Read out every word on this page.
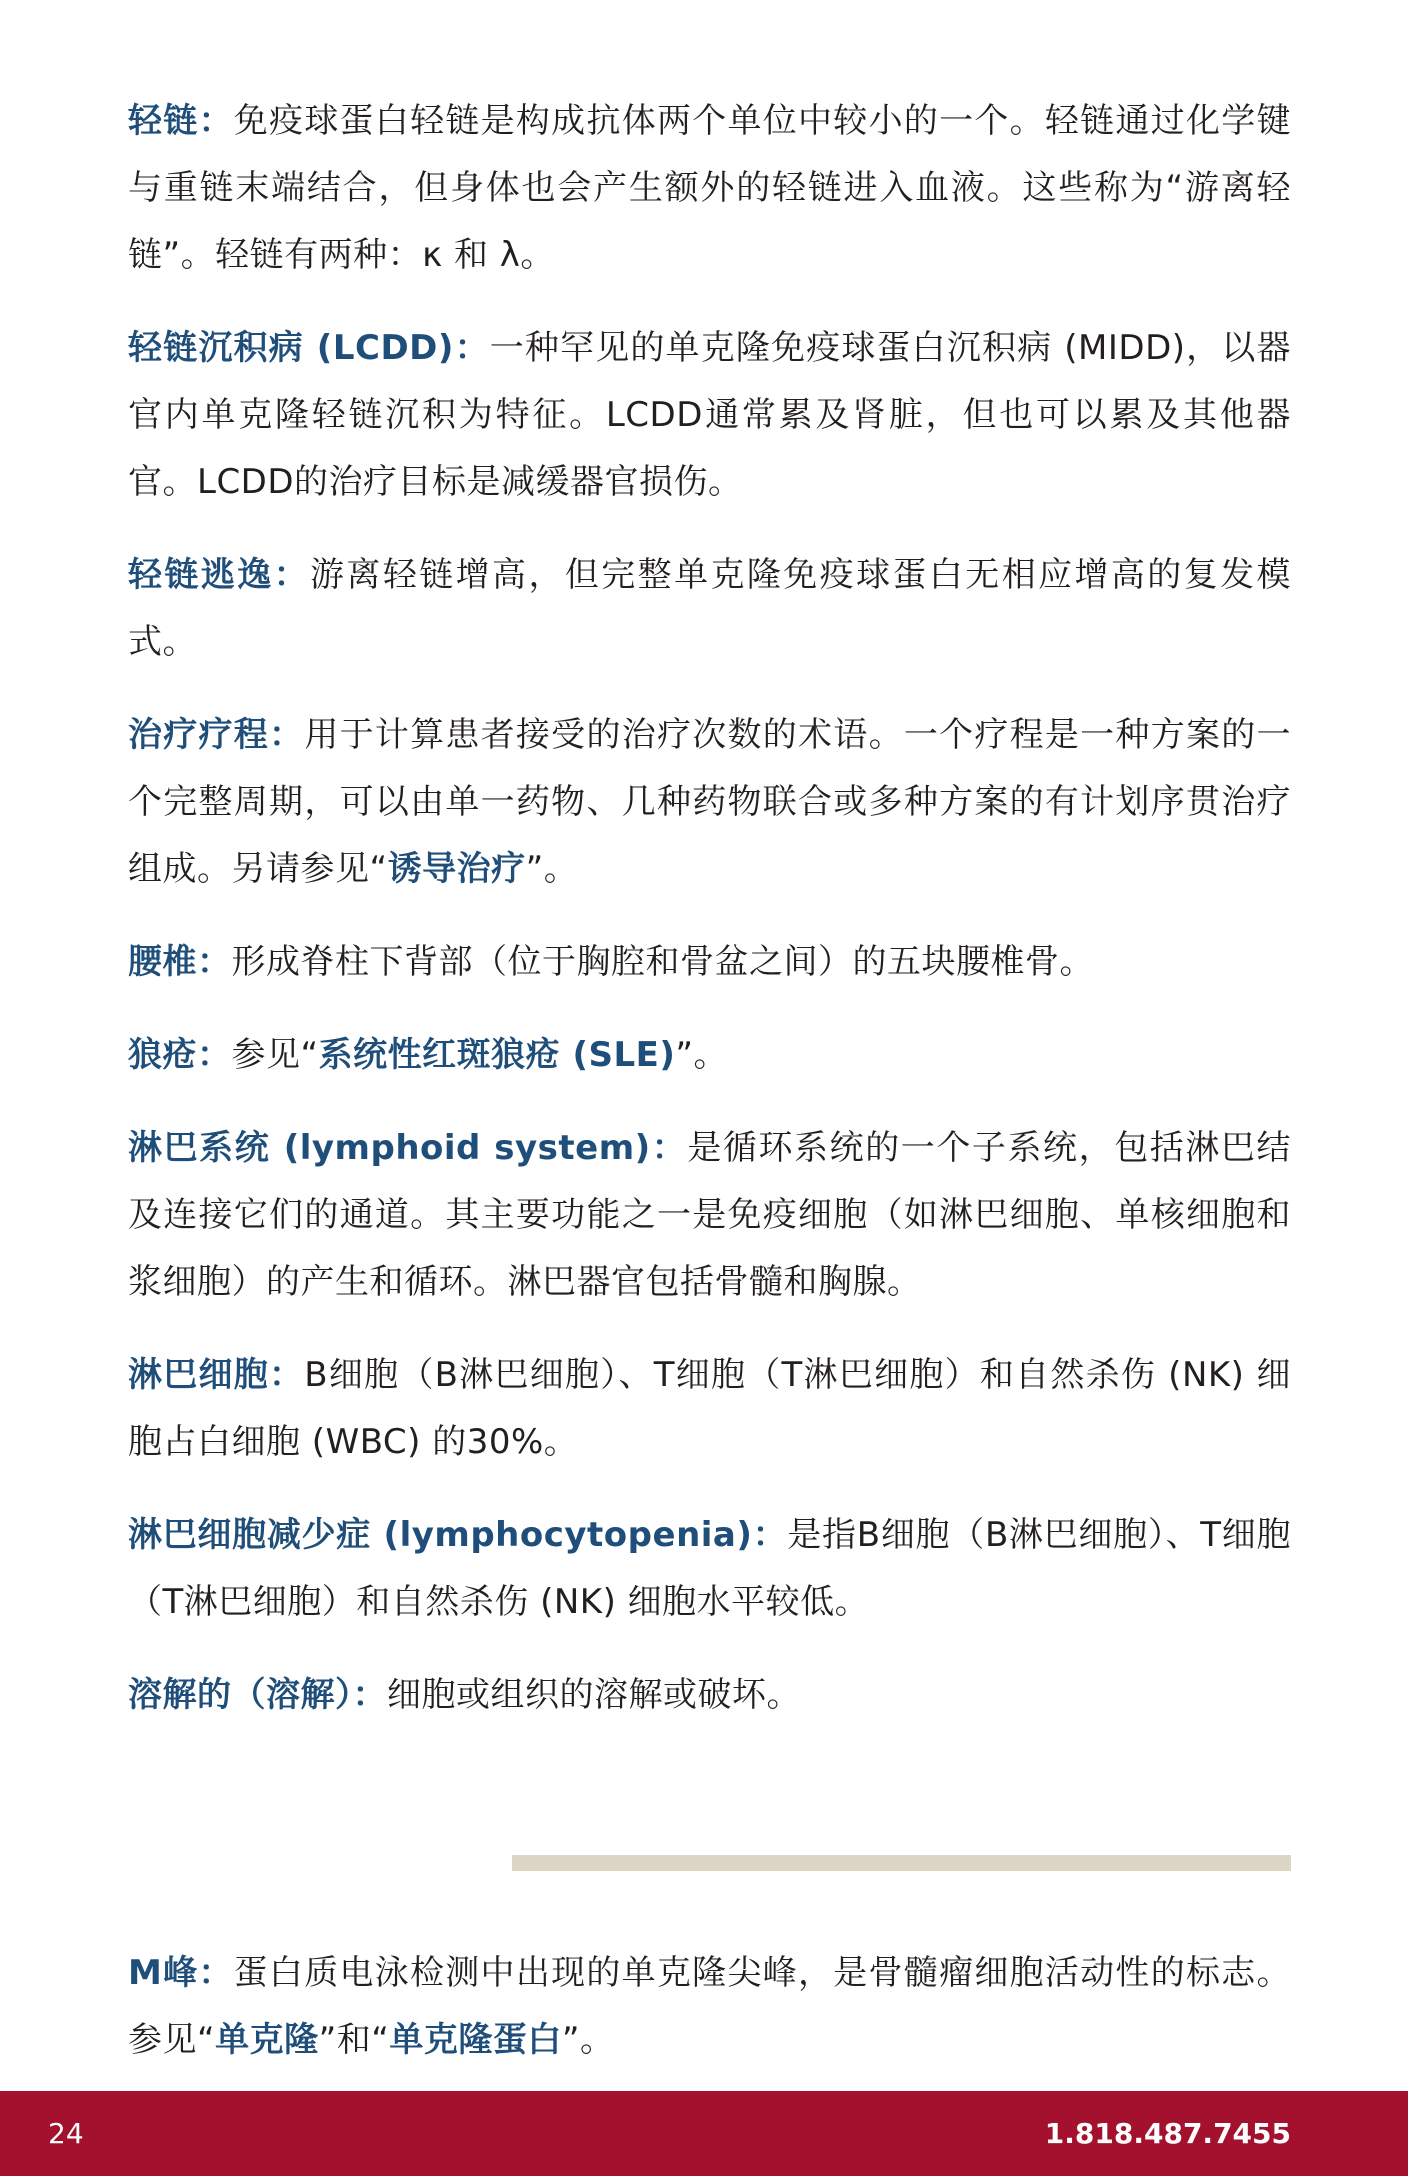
轻链：免疫球蛋白轻链是构成抗体两个单位中较小的一个。轻链通过化学键与重链末端结合，但身体也会产生额外的轻链进入血液。这些称为“游离轻链”。轻链有两种：κ 和 λ。

轻链沉积病 (LCDD)：一种罕见的单克隆免疫球蛋白沉积病 (MIDD)，以器官内单克隆轻链沉积为特征。LCDD通常累及肾脏，但也可以累及其他器官。LCDD的治疗目标是减缓器官损伤。

轻链逃逸：游离轻链增高，但完整单克隆免疫球蛋白无相应增高的复发模式。

治疗疗程：用于计算患者接受的治疗次数的术语。一个疗程是一种方案的一个完整周期，可以由单一药物、几种药物联合或多种方案的有计划序贯治疗组成。另请参见“诱导治疗”。

腰椎：形成脊柱下背部（位于胸腔和骨盆之间）的五块腰椎骨。

狼疮：参见“系统性红斑狼疮 (SLE)”。

淋巴系统 (lymphoid system)：是循环系统的一个子系统，包括淋巴结及连接它们的通道。其主要功能之一是免疫细胞（如淋巴细胞、单核细胞和浆细胞）的产生和循环。淋巴器官包括骨髓和胸腺。

淋巴细胞：B细胞（B淋巴细胞）、T细胞（T淋巴细胞）和自然杀伤 (NK) 细胞占白细胞 (WBC) 的30%。

淋巴细胞减少症 (lymphocytopenia)：是指B细胞（B淋巴细胞）、T细胞（T淋巴细胞）和自然杀伤 (NK) 细胞水平较低。

溶解的（溶解）：细胞或组织的溶解或破坏。

M峰：蛋白质电泳检测中出现的单克隆尖峰，是骨髓瘤细胞活动性的标志。参见“单克隆”和“单克隆蛋白”。

24	1.818.487.7455
